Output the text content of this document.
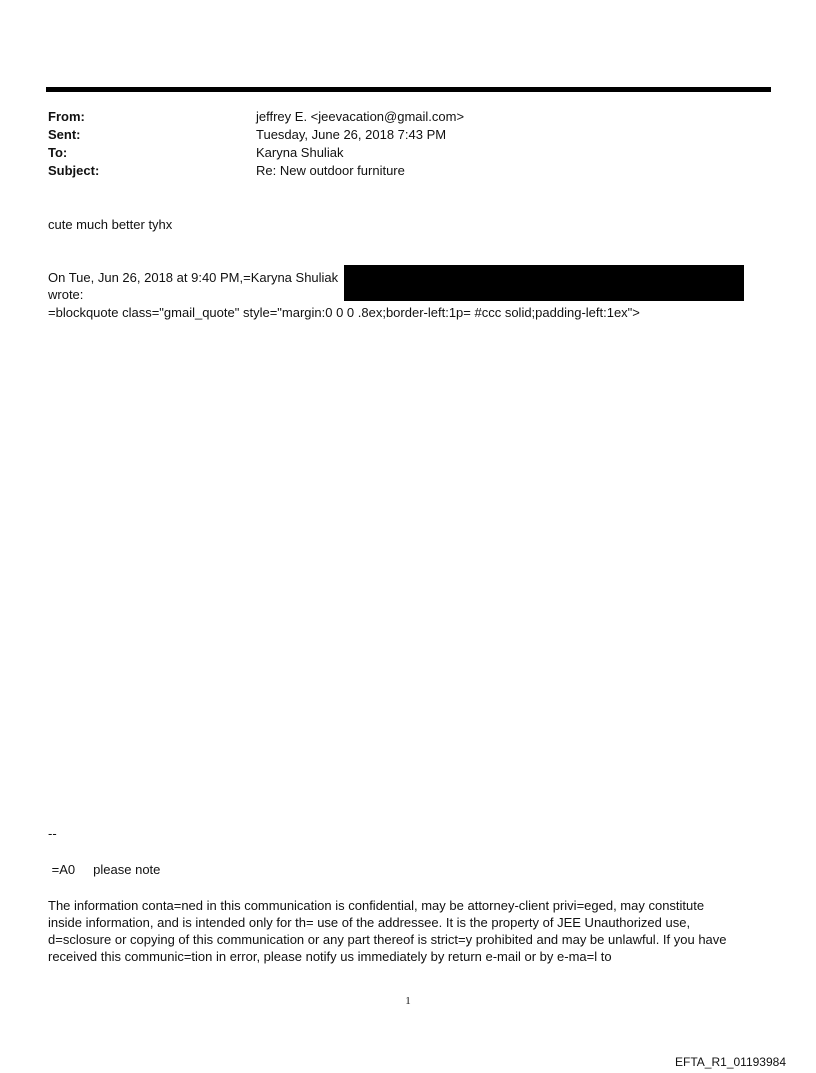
From:	jeffrey E. <jeevacation@gmail.com>
Sent:	Tuesday, June 26, 2018 7:43 PM
To:	Karyna Shuliak
Subject:	Re: New outdoor furniture
cute much better tyhx
On Tue, Jun 26, 2018 at 9:40 PM,=Karyna Shuliak
wrote:
=blockquote class="gmail_quote" style="margin:0 0 0 .8ex;border-left:1p= #ccc solid;padding-left:1ex">
--
=A0     please note
The information conta=ned in this communication is confidential, may be attorney-client privi=eged, may constitute
inside information, and is intended only for th= use of the addressee. It is the property of JEE Unauthorized use,
d=sclosure or copying of this communication or any part thereof is strict=y prohibited and may be unlawful. If you have
received this communic=tion in error, please notify us immediately by return e-mail or by e-ma=l to
1
EFTA_R1_01193984
